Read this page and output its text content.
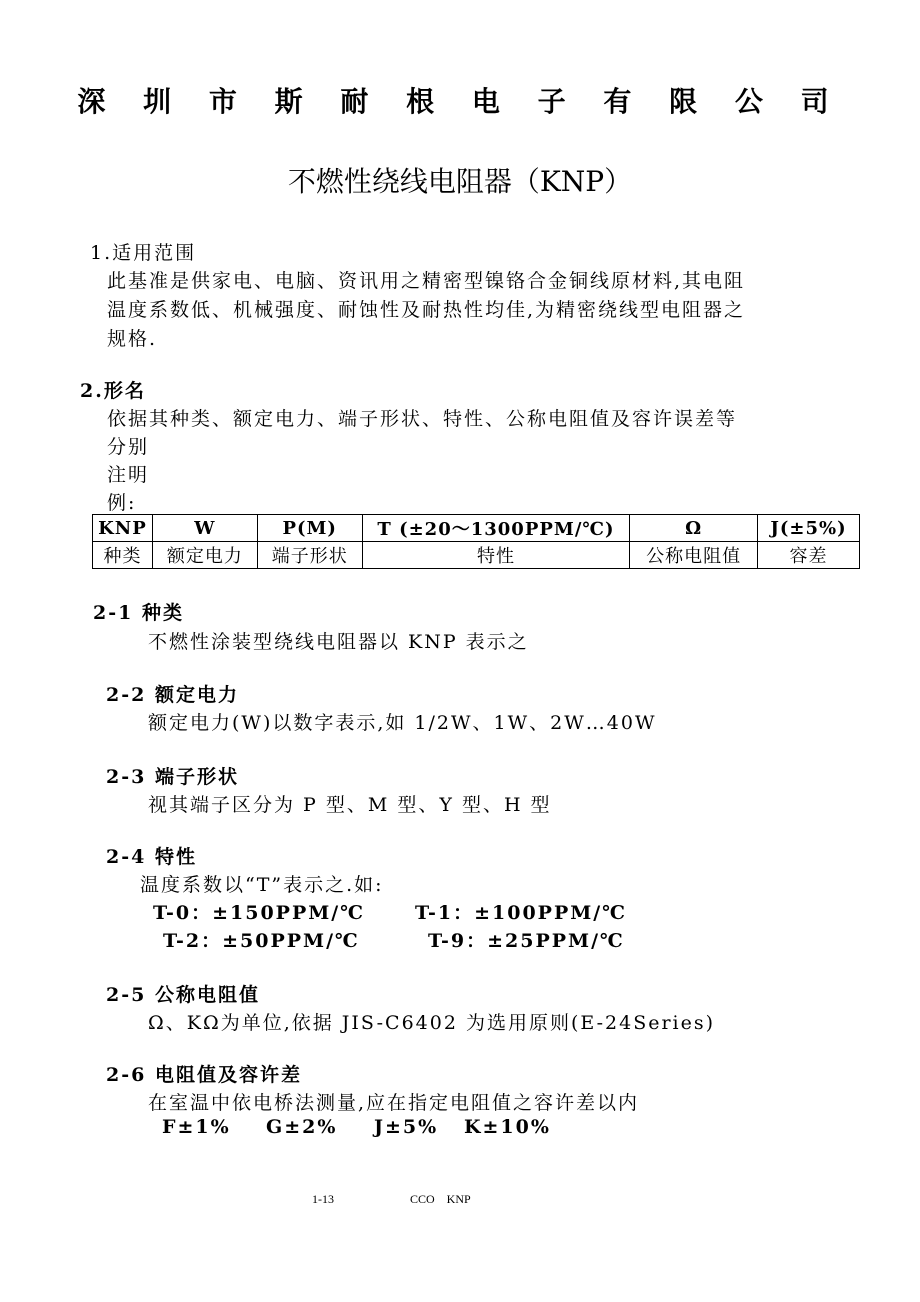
深 圳 市 斯 耐 根 电 子 有 限 公 司
不燃性绕线电阻器（KNP）
1.适用范围
此基准是供家电、电脑、资讯用之精密型镍铬合金铜线原材料,其电阻
温度系数低、机械强度、耐蚀性及耐热性均佳,为精密绕线型电阻器之
规格.
2.形名
依据其种类、额定电力、端子形状、特性、公称电阻值及容许误差等
分别
注明
例:
KNP	W	P(M)	T (±20～1300PPM/℃)	Ω	J(±5%)
种类	额定电力	端子形状	特性	公称电阻值	容差
2-1 种类
不燃性涂装型绕线电阻器以 KNP 表示之
2-2 额定电力
额定电力(W)以数字表示,如 1/2W、1W、2W…40W
2-3 端子形状
视其端子区分为 P 型、M 型、Y 型、H 型
2-4 特性
温度系数以“T”表示之.如:
T-0：±150PPM/℃	T-1：±100PPM/℃
T-2：±50PPM/℃	T-9：±25PPM/℃
2-5 公称电阻值
Ω、KΩ为单位,依据 JIS-C6402 为选用原则(E-24Series)
2-6 电阻值及容许差
在室温中依电桥法测量,应在指定电阻值之容许差以内
F±1% G±2% J±5% K±10%
1-13	CCO    KNP
